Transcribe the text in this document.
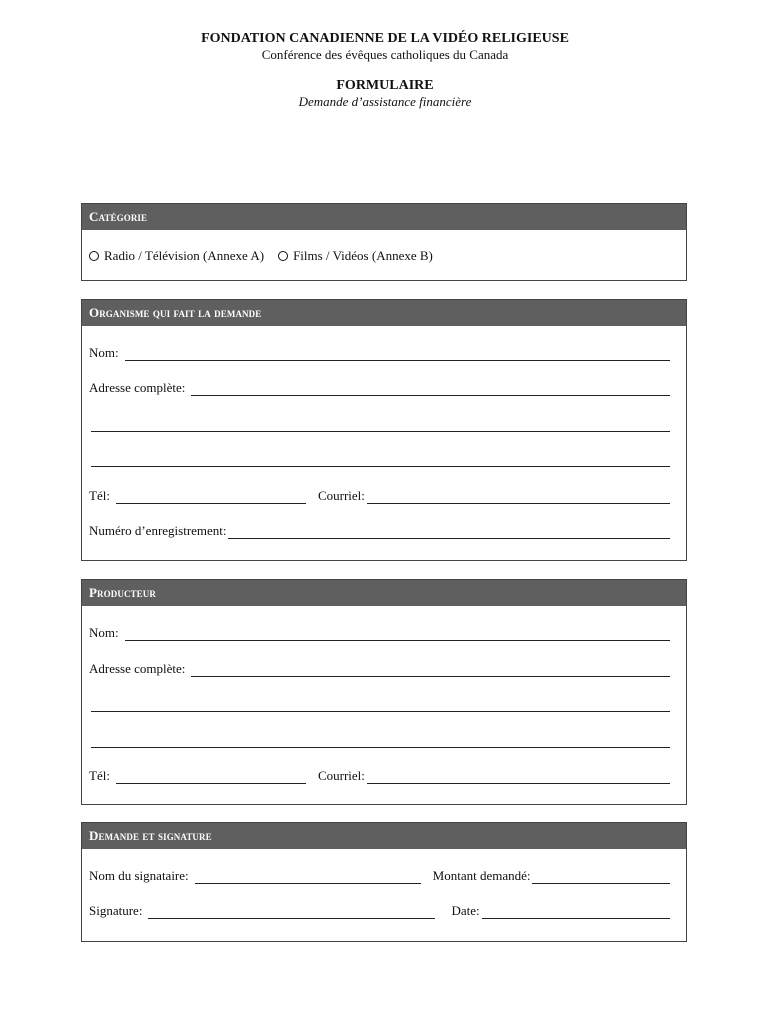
FONDATION CANADIENNE DE LA VIDÉO RELIGIEUSE
Conférence des évêques catholiques du Canada
FORMULAIRE
Demande d’assistance financière
Catégorie
Radio / Télévision (Annexe A) Films / Vidéos (Annexe B)
Organisme qui fait la demande
Nom:
Adresse complète:
Tél:	Courriel:
Numéro d’enregistrement:
Producteur
Nom:
Adresse complète:
Tél:	Courriel:
Demande et signature
Nom du signataire:	Montant demandé:
Signature:	Date:
